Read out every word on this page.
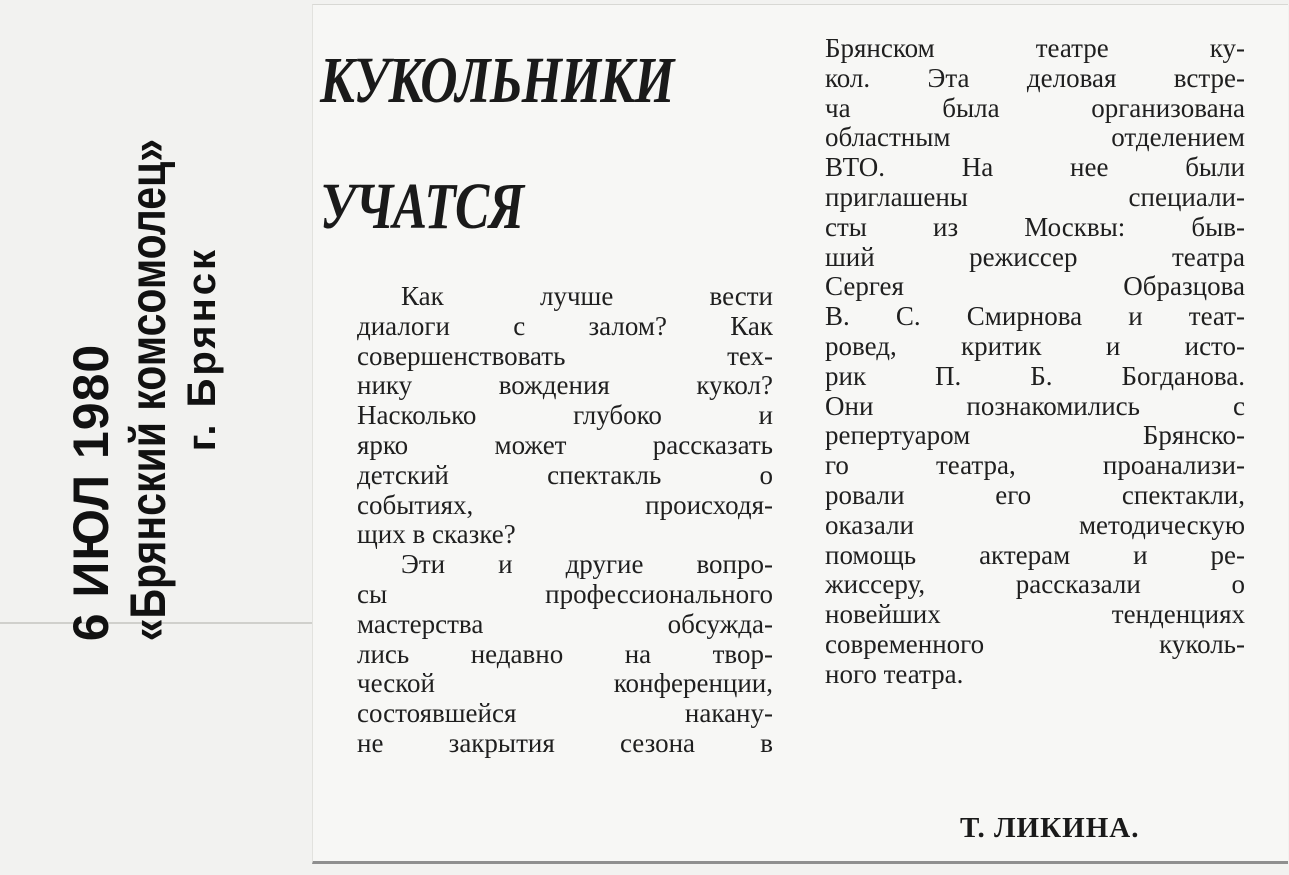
6 ИЮЛ 1980 «Брянский комсомолец» г. Брянск
КУКОЛЬНИКИ
УЧАТСЯ
Как лучше вести
диалоги с залом? Как
совершенствовать тех-
нику вождения кукол?
Насколько глубоко и
ярко может рассказать
детский спектакль о
событиях, происходя-
щих в сказке?
Эти и другие вопро-
сы профессионального
мастерства обсуждa-
лись недавно на твор-
ческой конференции,
состоявшейся накану-
не закрытия сезона в
Брянском театре ку-
кол. Эта деловая встре-
ча была организована
областным отделением
ВТО. На нее были
приглашены специали-
сты из Москвы: быв-
ший режиссер театра
Сергея Образцова
В. С. Смирнова и теат-
ровед, критик и исто-
рик П. Б. Богданова.
Они познакомились с
репертуаром Брянско-
го театра, проанализи-
ровали его спектакли,
оказали методическую
помощь актерам и ре-
жиссеру, рассказали о
новейших тенденциях
современного куколь-
ного театра.
Т. ЛИКИНА.
